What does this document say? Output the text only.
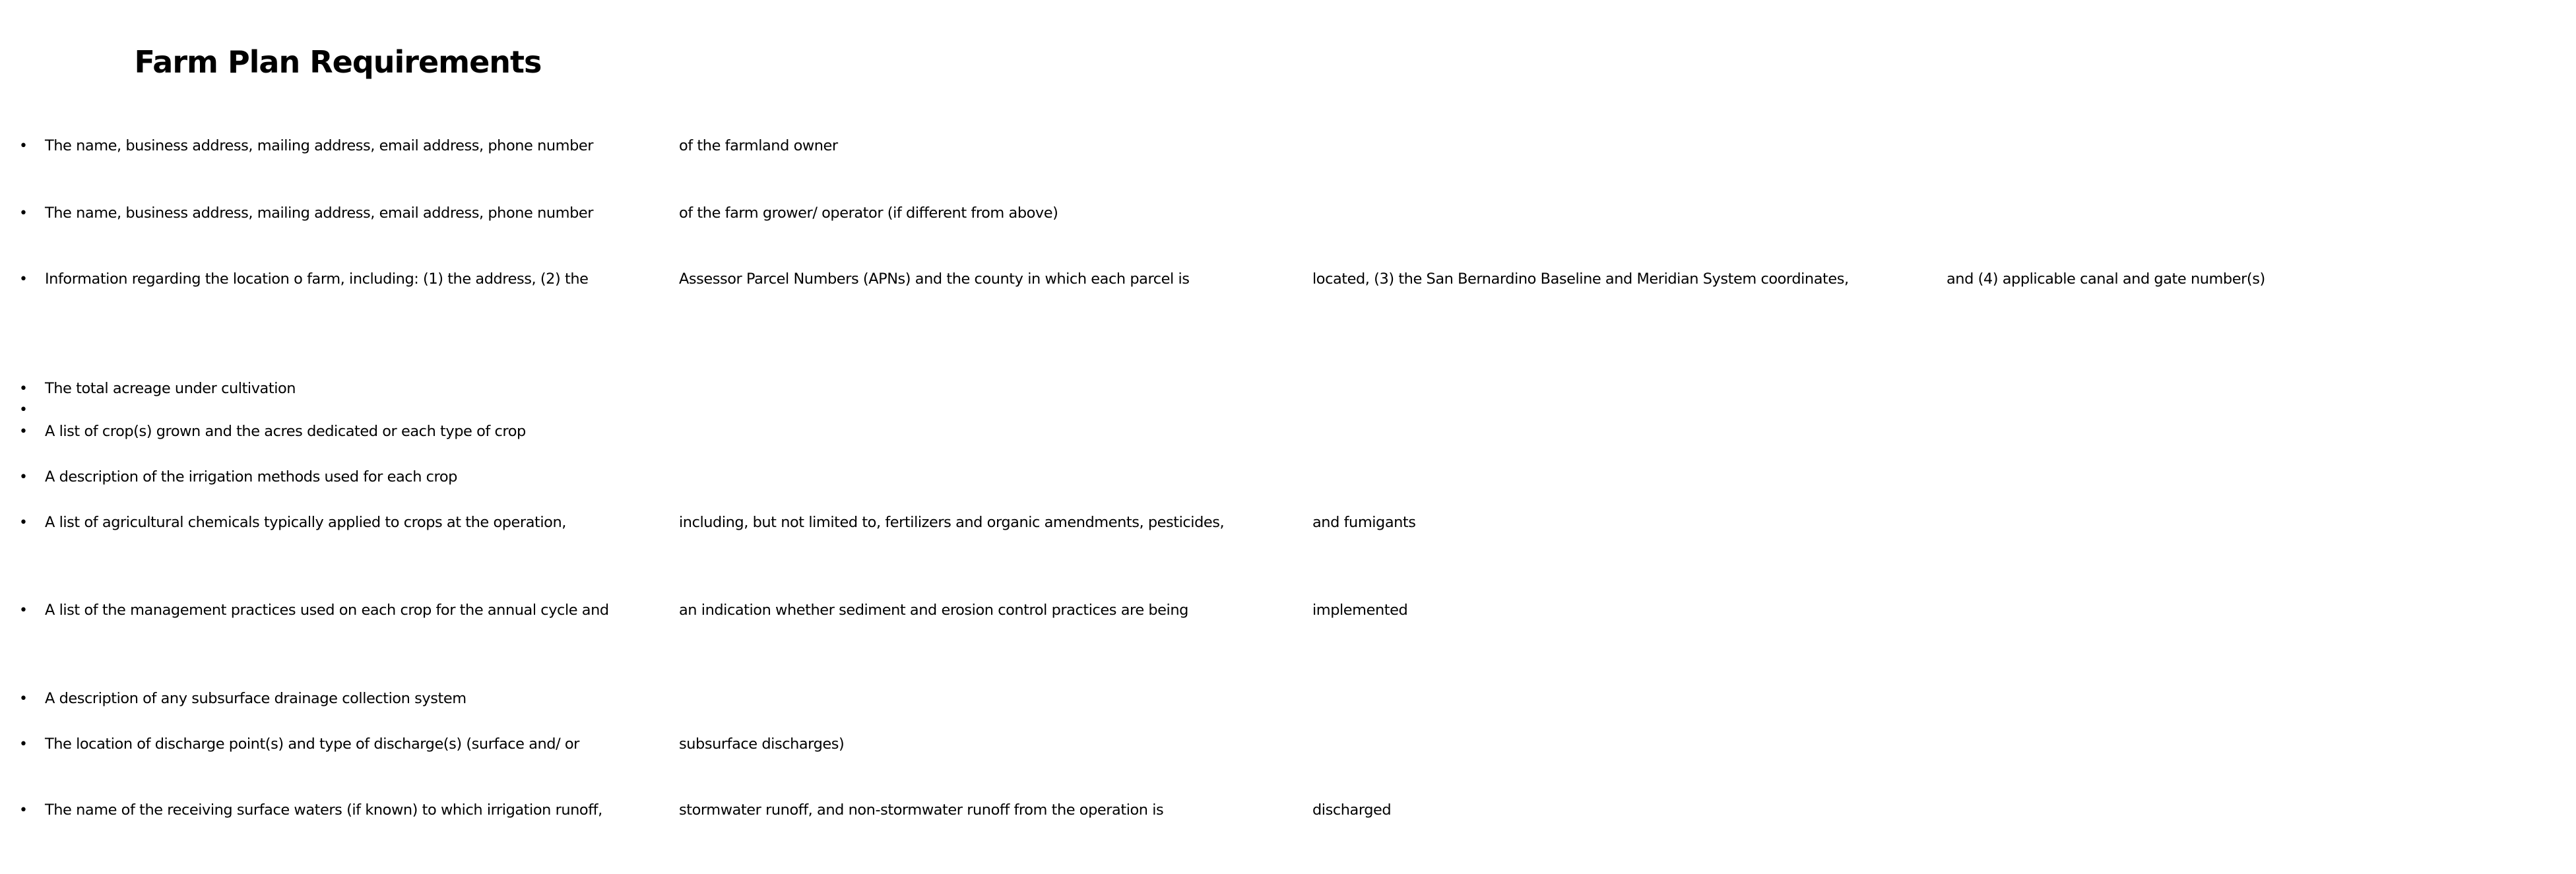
Farm Plan Requirements
• The name, business address, mailing address, email address, phone number	of the farmland owner

• The name, business address, mailing address, email address, phone number	of the farm grower/ operator (if different from above)

• Information regarding the location o farm, including: (1) the address, (2) the	Assessor Parcel Numbers (APNs) and the county in which each parcel is	located, (3) the San Bernardino Baseline and Meridian System coordinates,	and (4) applicable canal and gate number(s)

• The total acreage under cultivation

•

• A list of crop(s) grown and the acres dedicated or each type of crop

• A description of the irrigation methods used for each crop

• A list of agricultural chemicals typically applied to crops at the operation,	including, but not limited to, fertilizers and organic amendments, pesticides,	and fumigants

• A list of the management practices used on each crop for the annual cycle and	an indication whether sediment and erosion control practices are being	implemented

• A description of any subsurface drainage collection system

• The location of discharge point(s) and type of discharge(s) (surface and/ or	subsurface discharges)

• The name of the receiving surface waters (if known) to which irrigation runoff,	stormwater runoff, and non-stormwater runoff from the operation is	discharged
